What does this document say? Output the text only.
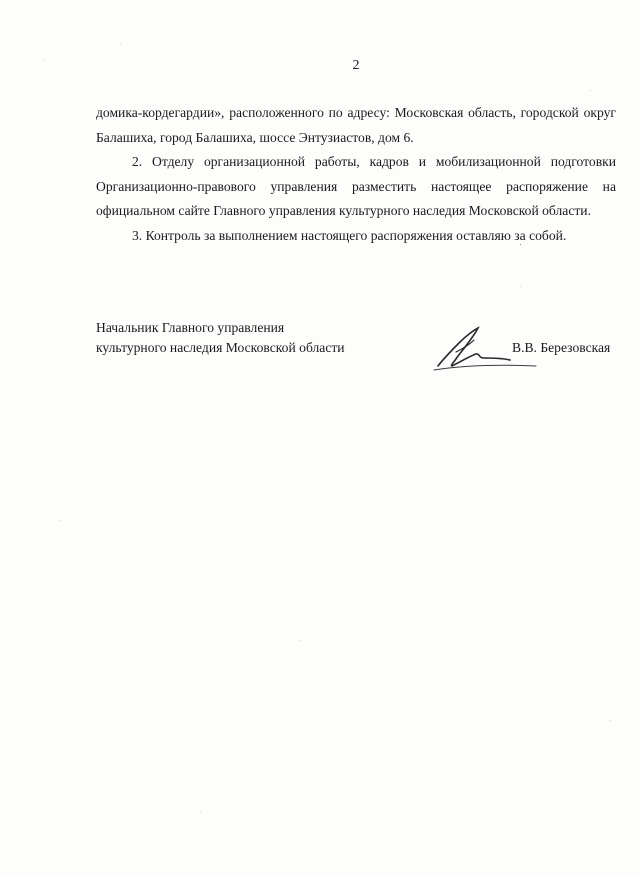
2

домика-кордегардии», расположенного по адресу: Московская область, городской округ Балашиха, город Балашиха, шоссе Энтузиастов, дом 6.

2. Отделу организационной работы, кадров и мобилизационной подготовки Организационно-правового управления разместить настоящее распоряжение на официальном сайте Главного управления культурного наследия Московской области.

3. Контроль за выполнением настоящего распоряжения оставляю за собой.

Начальник Главного управления
культурного наследия Московской области	В.В. Березовская
